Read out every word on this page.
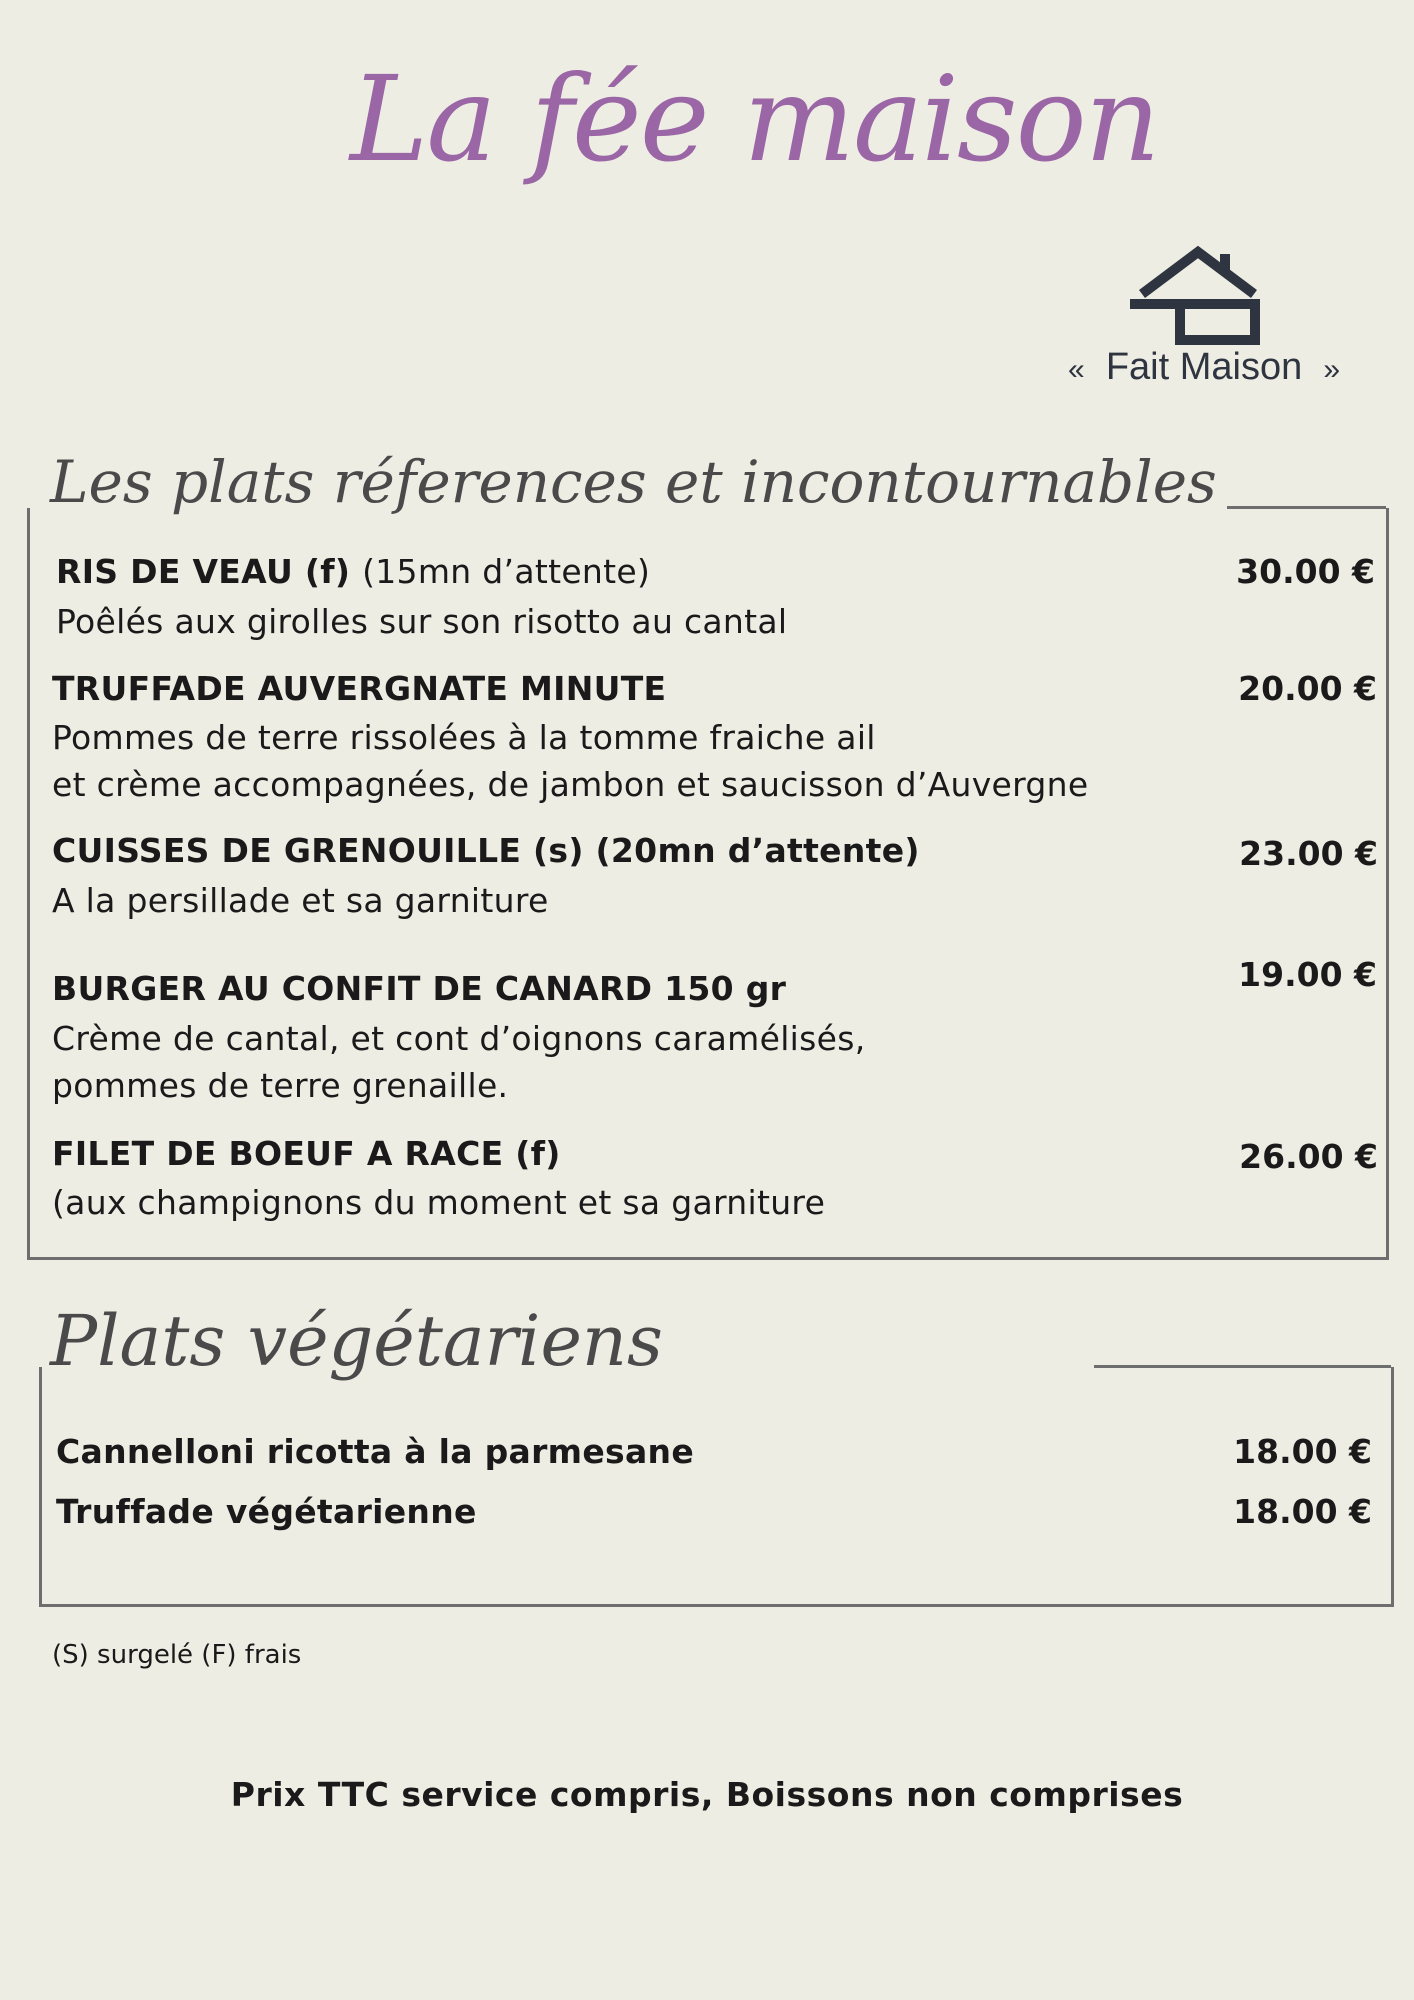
La fée maison
« Fait Maison »
Les plats réferences et incontournables
RIS DE VEAU (f) (15mn d’attente)
Poêlés aux girolles sur son risotto au cantal
30.00 €
TRUFFADE AUVERGNATE MINUTE
Pommes de terre rissolées à la tomme fraiche ail
et crème accompagnées, de jambon et saucisson d’Auvergne
20.00 €
CUISSES DE GRENOUILLE (s) (20mn d’attente)
A la persillade et sa garniture
23.00 €
BURGER AU CONFIT DE CANARD 150 gr
Crème de cantal, et cont d’oignons caramélisés,
pommes de terre grenaille.
19.00 €
FILET DE BOEUF A RACE (f)
(aux champignons du moment et sa garniture
26.00 €
Plats végétariens
Cannelloni ricotta à la parmesane	18.00 €
Truffade végétarienne	18.00 €
(S) surgelé (F) frais
Prix TTC service compris, Boissons non comprises
